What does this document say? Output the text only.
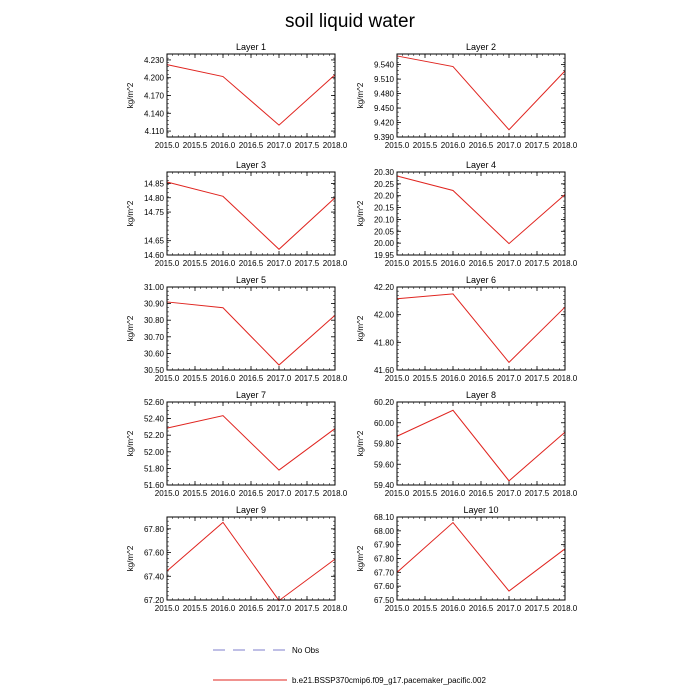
soil liquid water
Layer 1
kg/m^2
2015.0 2015.5 2016.0 2016.5 2017.0 2017.5 2018.0
4.110
4.140
4.170
4.200
4.230
Layer 2
kg/m^2
2015.0 2015.5 2016.0 2016.5 2017.0 2017.5 2018.0
9.390
9.420
9.450
9.480
9.510
9.540
Layer 3
kg/m^2
2015.0 2015.5 2016.0 2016.5 2017.0 2017.5 2018.0
14.60
14.65
14.75
14.80
14.85
Layer 4
kg/m^2
2015.0 2015.5 2016.0 2016.5 2017.0 2017.5 2018.0
19.95
20.00
20.05
20.10
20.15
20.20
20.25
20.30
Layer 5
kg/m^2
2015.0 2015.5 2016.0 2016.5 2017.0 2017.5 2018.0
30.50
30.60
30.70
30.80
30.90
31.00
Layer 6
kg/m^2
2015.0 2015.5 2016.0 2016.5 2017.0 2017.5 2018.0
41.60
41.80
42.00
42.20
Layer 7
kg/m^2
2015.0 2015.5 2016.0 2016.5 2017.0 2017.5 2018.0
51.60
51.80
52.00
52.20
52.40
52.60
Layer 8
kg/m^2
2015.0 2015.5 2016.0 2016.5 2017.0 2017.5 2018.0
59.40
59.60
59.80
60.00
60.20
Layer 9
kg/m^2
2015.0 2015.5 2016.0 2016.5 2017.0 2017.5 2018.0
67.20
67.40
67.60
67.80
Layer 10
kg/m^2
2015.0 2015.5 2016.0 2016.5 2017.0 2017.5 2018.0
67.50
67.60
67.70
67.80
67.90
68.00
68.10
No Obs
b.e21.BSSP370cmip6.f09_g17.pacemaker_pacific.002
